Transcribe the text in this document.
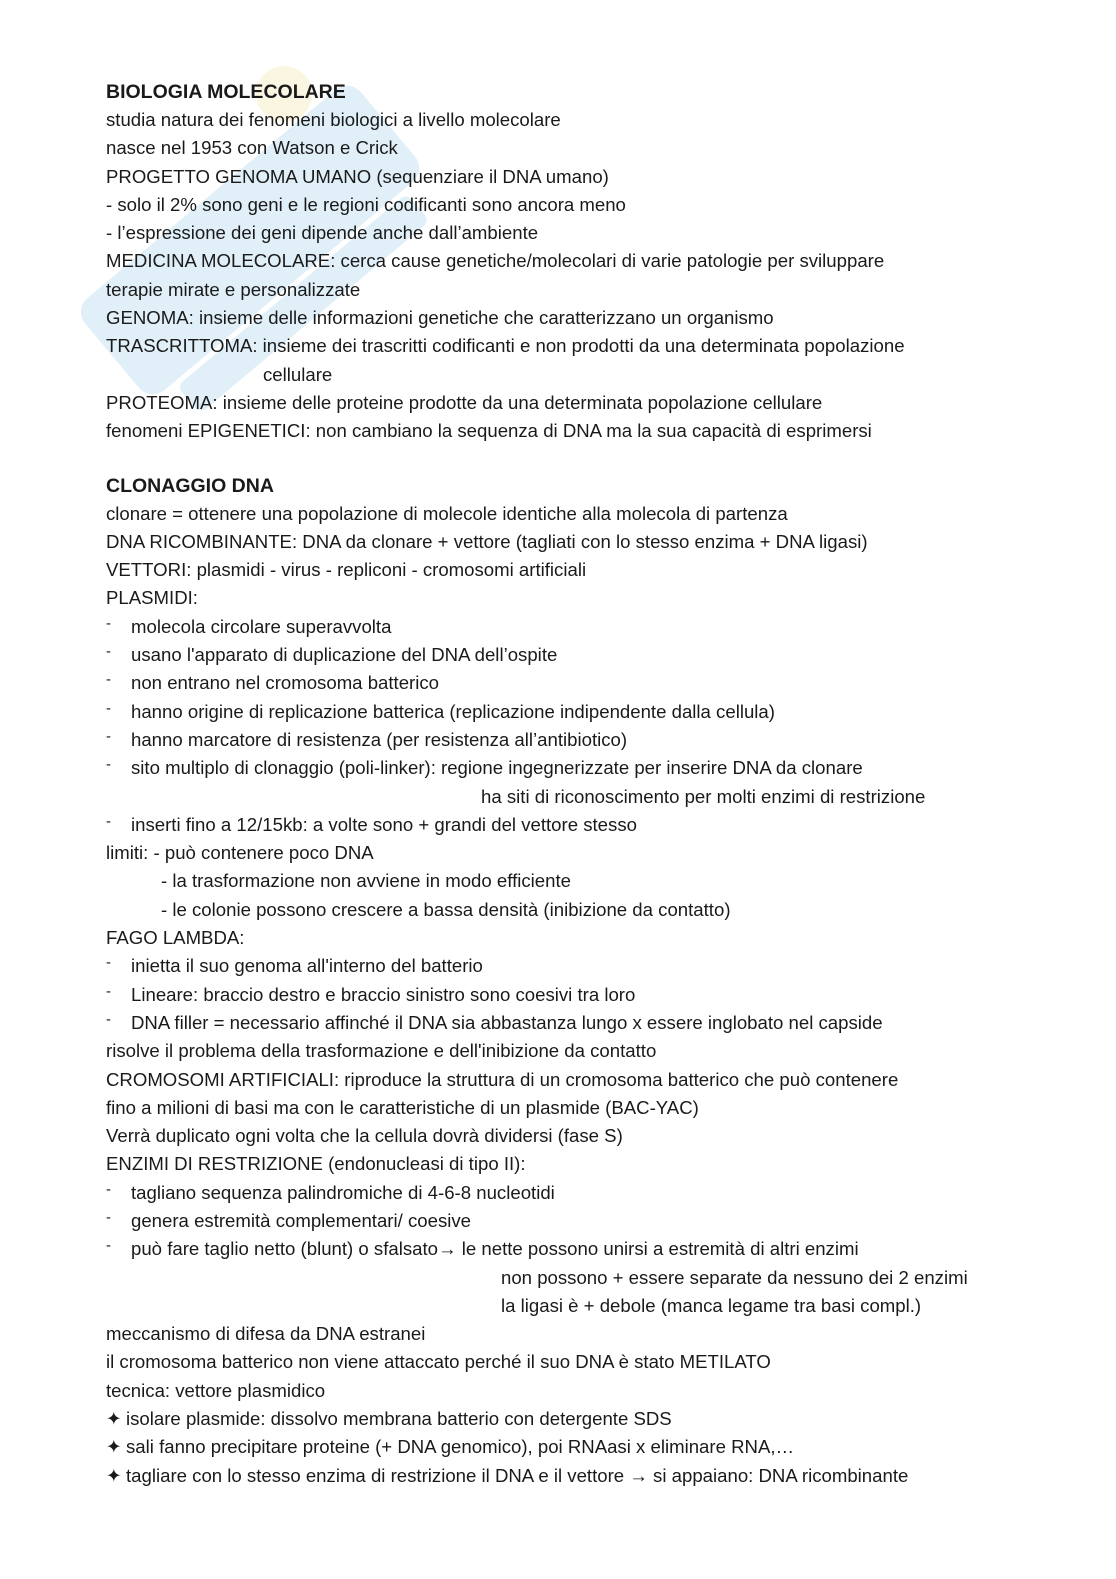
BIOLOGIA MOLECOLARE
studia natura dei fenomeni biologici a livello molecolare
nasce nel 1953 con Watson e Crick
PROGETTO GENOMA UMANO (sequenziare il DNA umano)
- solo il 2% sono geni e le regioni codificanti sono ancora meno
- l’espressione dei geni dipende anche dall’ambiente
MEDICINA MOLECOLARE: cerca cause genetiche/molecolari di varie patologie per sviluppare
terapie mirate e personalizzate
GENOMA: insieme delle informazioni genetiche che caratterizzano un organismo
TRASCRITTOMA: insieme dei trascritti codificanti e non prodotti da una determinata popolazione
cellulare
PROTEOMA: insieme delle proteine prodotte da una determinata popolazione cellulare
fenomeni EPIGENETICI: non cambiano la sequenza di DNA ma la sua capacità di esprimersi
CLONAGGIO DNA
clonare = ottenere una popolazione di molecole identiche alla molecola di partenza
DNA RICOMBINANTE: DNA da clonare + vettore (tagliati con lo stesso enzima + DNA ligasi)
VETTORI: plasmidi - virus - repliconi - cromosomi artificiali
PLASMIDI:
- molecola circolare superavvolta
- usano l'apparato di duplicazione del DNA dell’ospite
- non entrano nel cromosoma batterico
- hanno origine di replicazione batterica (replicazione indipendente dalla cellula)
- hanno marcatore di resistenza (per resistenza all’antibiotico)
- sito multiplo di clonaggio (poli-linker): regione ingegnerizzate per inserire DNA da clonare
ha siti di riconoscimento per molti enzimi di restrizione
- inserti fino a 12/15kb: a volte sono + grandi del vettore stesso
limiti: - può contenere poco DNA
- la trasformazione non avviene in modo efficiente
- le colonie possono crescere a bassa densità (inibizione da contatto)
FAGO LAMBDA:
- inietta il suo genoma all'interno del batterio
- Lineare: braccio destro e braccio sinistro sono coesivi tra loro
- DNA filler = necessario affinché il DNA sia abbastanza lungo x essere inglobato nel capside
risolve il problema della trasformazione e dell'inibizione da contatto
CROMOSOMI ARTIFICIALI: riproduce la struttura di un cromosoma batterico che può contenere
fino a milioni di basi ma con le caratteristiche di un plasmide (BAC-YAC)
Verrà duplicato ogni volta che la cellula dovrà dividersi (fase S)
ENZIMI DI RESTRIZIONE (endonucleasi di tipo II):
- tagliano sequenza palindromiche di 4-6-8 nucleotidi
- genera estremità complementari/ coesive
- può fare taglio netto (blunt) o sfalsato→ le nette possono unirsi a estremità di altri enzimi
non possono + essere separate da nessuno dei 2 enzimi
la ligasi è + debole (manca legame tra basi compl.)
meccanismo di difesa da DNA estranei
il cromosoma batterico non viene attaccato perché il suo DNA è stato METILATO
tecnica: vettore plasmidico
✦ isolare plasmide: dissolvo membrana batterio con detergente SDS
✦ sali fanno precipitare proteine (+ DNA genomico), poi RNAasi x eliminare RNA,…
✦ tagliare con lo stesso enzima di restrizione il DNA e il vettore → si appaiano: DNA ricombinante
